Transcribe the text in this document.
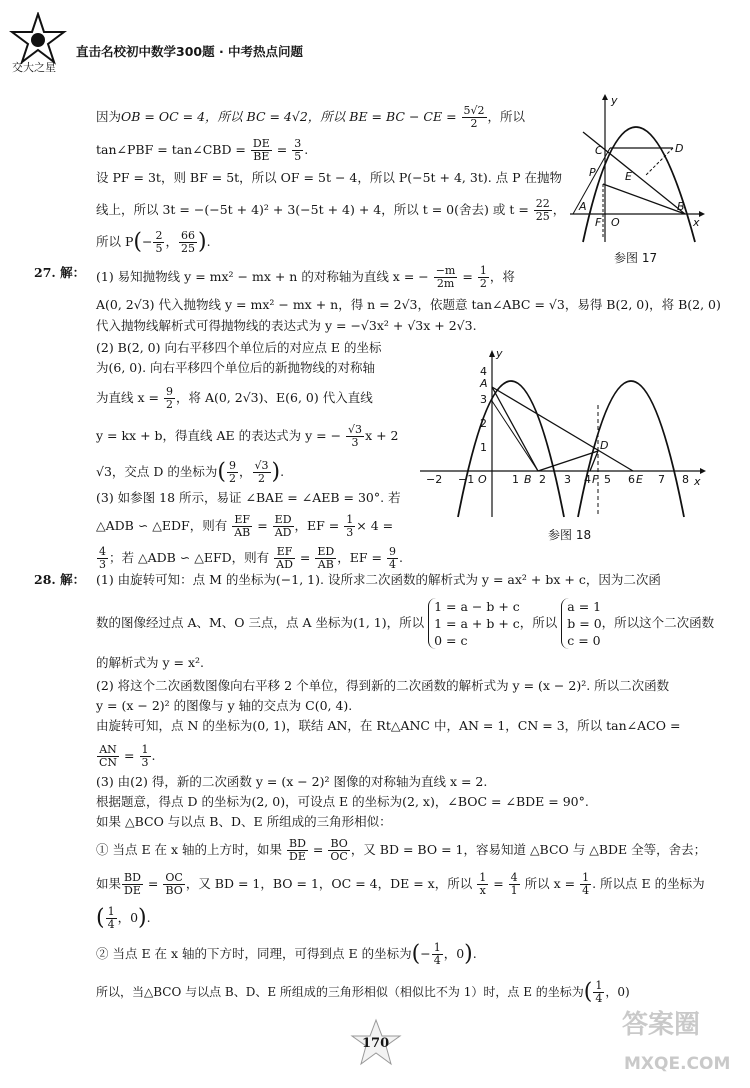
交大之星
直击名校初中数学300题 · 中考热点问题
因为OB = OC = 4，所以 BC = 4√2，所以 BE = BC − CE = $\frac{5√2}{2}$ ，所以
tan∠PBF = tan∠CBD = $\frac{DE}{BE} = \frac{3}{5}$ .
设 PF = 3t，则 BF = 5t，所以 OF = 5t − 4，所以 P(−5t + 4, 3t). 点 P 在抛物
线上，所以 3t = −(−5t + 4)² + 3(−5t + 4) + 4，所以 t = 0(舍去) 或 $t = \frac{22}{25}$ ，
所以 $P(- \frac{2}{5}$ ， $\frac{66}{25}$ ).
y
x
C	D
P	E
A
F O
B
参图 17
27. 解： (1) 易知抛物线 y = mx² − mx + n 的对称轴为直线 x = − $\frac{-m}{2m} = \frac{1}{2}$ ，将
A(0, 2√3) 代入抛物线 y = mx² − mx + n，得 n = 2√3，依题意 tan∠ABC = √3，易得 B(2, 0)，将 B(2, 0)
代入抛物线解析式可得抛物线的表达式为 y = −√3x² + √3x + 2√3.
(2) B(2, 0) 向右平移四个单位后的对应点 E 的坐标
为(6, 0). 向右平移四个单位后的新抛物线的对称轴
为直线 $x = \frac{9}{2}$ ，将 A(0, 2√3)、E(6, 0) 代入直线
y = kx + b，得直线 AE 的表达式为 y = − $\frac{√3}{3}$ x + 2
√3，交点 D 的坐标为( $\frac{9}{2}$ ， $\frac{√3}{2}$ ).
(3) 如参图 18 所示，易证 ∠BAE = ∠AEB = 30°. 若
△ADB ∽ △EDF，则有 $\frac{EF}{AB} = \frac{ED}{AD}$ ，EF = $\frac{1}{3} \times 4$ =
$\frac{4}{3}$ ；若 △ADB ∽ △EFD，则有 $\frac{EF}{AD} = \frac{ED}{AB}$ ，EF = $\frac{9}{4}$ .
y
x
D
O	B	F	E
A
−2 −1	1 2 3 4 5 6 7 8
1
2
3
4
参图 18
28. 解： (1) 由旋转可知：点 M 的坐标为(−1, 1). 设所求二次函数的解析式为 y = ax² + bx + c，因为二次函
数的图像经过点 A、M、O 三点，点 A 坐标为(1, 1)，所以
1 = a − b + c
1 = a + b + c
0 = c
，所以
a = 1
b = 0
c = 0
，所以这个二次函数
的解析式为 y = x².
(2) 将这个二次函数图像向右平移 2 个单位，得到新的二次函数的解析式为 y = (x − 2)². 所以二次函数
y = (x − 2)² 的图像与 y 轴的交点为 C(0, 4).
由旋转可知，点 N 的坐标为(0, 1)，联结 AN，在 Rt△ANC 中，AN = 1，CN = 3，所以 tan∠ACO =
$\frac{AN}{CN} = \frac{1}{3}$ .
(3) 由(2) 得，新的二次函数 y = (x − 2)² 图像的对称轴为直线 x = 2.
根据题意，得点 D 的坐标为(2, 0)，可设点 E 的坐标为(2, x)，∠BOC = ∠BDE = 90°.
如果 △BCO 与以点 B、D、E 所组成的三角形相似：
① 当点 E 在 x 轴的上方时，如果 $\frac{BD}{DE} = \frac{BO}{OC}$ ，又 BD = BO = 1，容易知道 △BCO 与 △BDE 全等，舍去；
如果 $\frac{BD}{DE} = \frac{OC}{BO}$ ，又 BD = 1，BO = 1，OC = 4，DE = x，所以 $\frac{1}{x} = \frac{4}{1}$ 所以 $x = \frac{1}{4}$ . 所以点 E 的坐标为
( $\frac{1}{4}$ ，0).
② 当点 E 在 x 轴的下方时，同理，可得到点 E 的坐标为(− $\frac{1}{4}$ ，0).
所以，当△BCO 与以点 B、D、E 所组成的三角形相似（相似比不为 1）时，点 E 的坐标为( $\frac{1}{4}$ ，0)
170
答案圈
MXQE.COM
